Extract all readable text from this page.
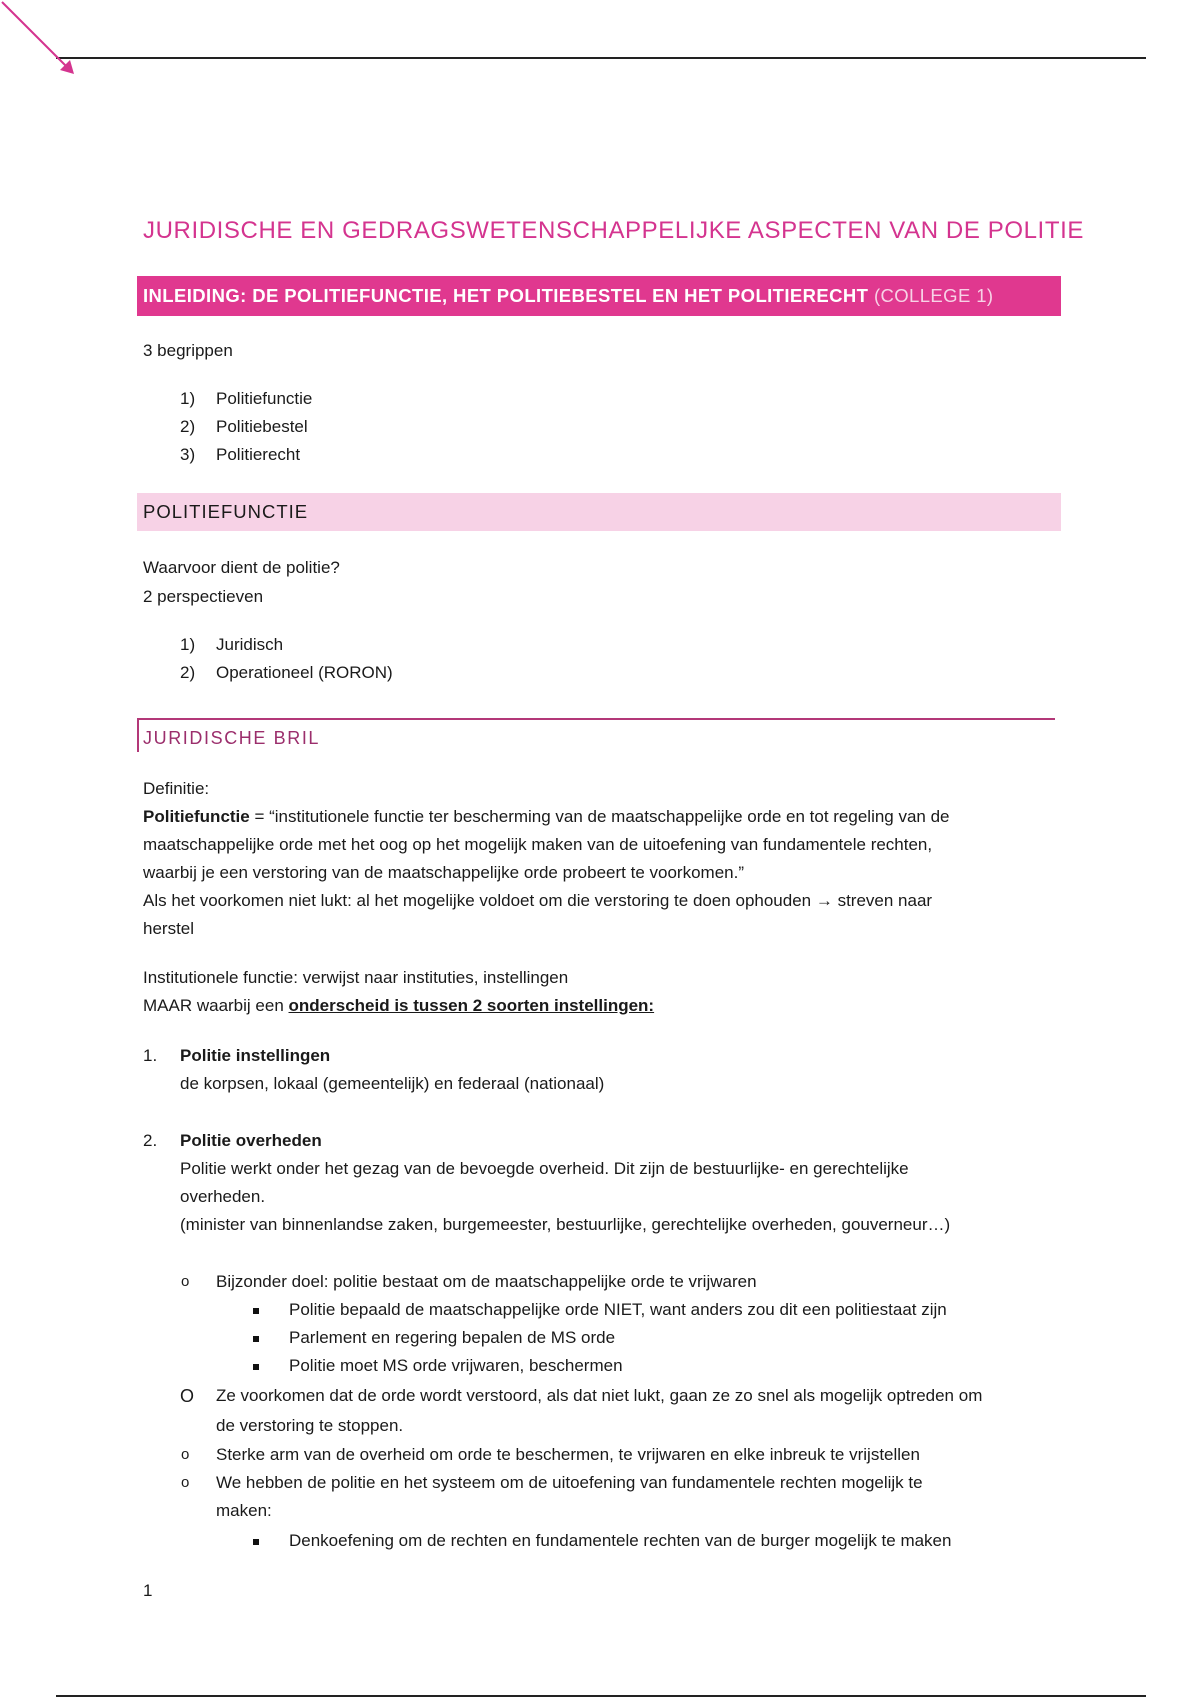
JURIDISCHE EN GEDRAGSWETENSCHAPPELIJKE ASPECTEN VAN DE POLITIE
INLEIDING: DE POLITIEFUNCTIE, HET POLITIEBESTEL EN HET POLITIERECHT (COLLEGE 1)
3 begrippen
1)	Politiefunctie
2)	Politiebestel
3)	Politierecht
POLITIEFUNCTIE
Waarvoor dient de politie?
2 perspectieven
1)	Juridisch
2)	Operationeel (RORON)
JURIDISCHE BRIL
Definitie:
Politiefunctie = “institutionele functie ter bescherming van de maatschappelijke orde en tot regeling van de
maatschappelijke orde met het oog op het mogelijk maken van de uitoefening van fundamentele rechten,
waarbij je een verstoring van de maatschappelijke orde probeert te voorkomen.”
Als het voorkomen niet lukt: al het mogelijke voldoet om die verstoring te doen ophouden → streven naar
herstel
Institutionele functie: verwijst naar instituties, instellingen
MAAR waarbij een onderscheid is tussen 2 soorten instellingen:
1.	Politie instellingen
de korpsen, lokaal (gemeentelijk) en federaal (nationaal)
2.	Politie overheden
Politie werkt onder het gezag van de bevoegde overheid. Dit zijn de bestuurlijke- en gerechtelijke
overheden.
(minister van binnenlandse zaken, burgemeester, bestuurlijke, gerechtelijke overheden, gouverneur…)
o Bijzonder doel: politie bestaat om de maatschappelijke orde te vrijwaren
Politie bepaald de maatschappelijke orde NIET, want anders zou dit een politiestaat zijn
Parlement en regering bepalen de MS orde
Politie moet MS orde vrijwaren, beschermen
O Ze voorkomen dat de orde wordt verstoord, als dat niet lukt, gaan ze zo snel als mogelijk optreden om
de verstoring te stoppen.
o Sterke arm van de overheid om orde te beschermen, te vrijwaren en elke inbreuk te vrijstellen
o We hebben de politie en het systeem om de uitoefening van fundamentele rechten mogelijk te
maken:
Denkoefening om de rechten en fundamentele rechten van de burger mogelijk te maken
1
